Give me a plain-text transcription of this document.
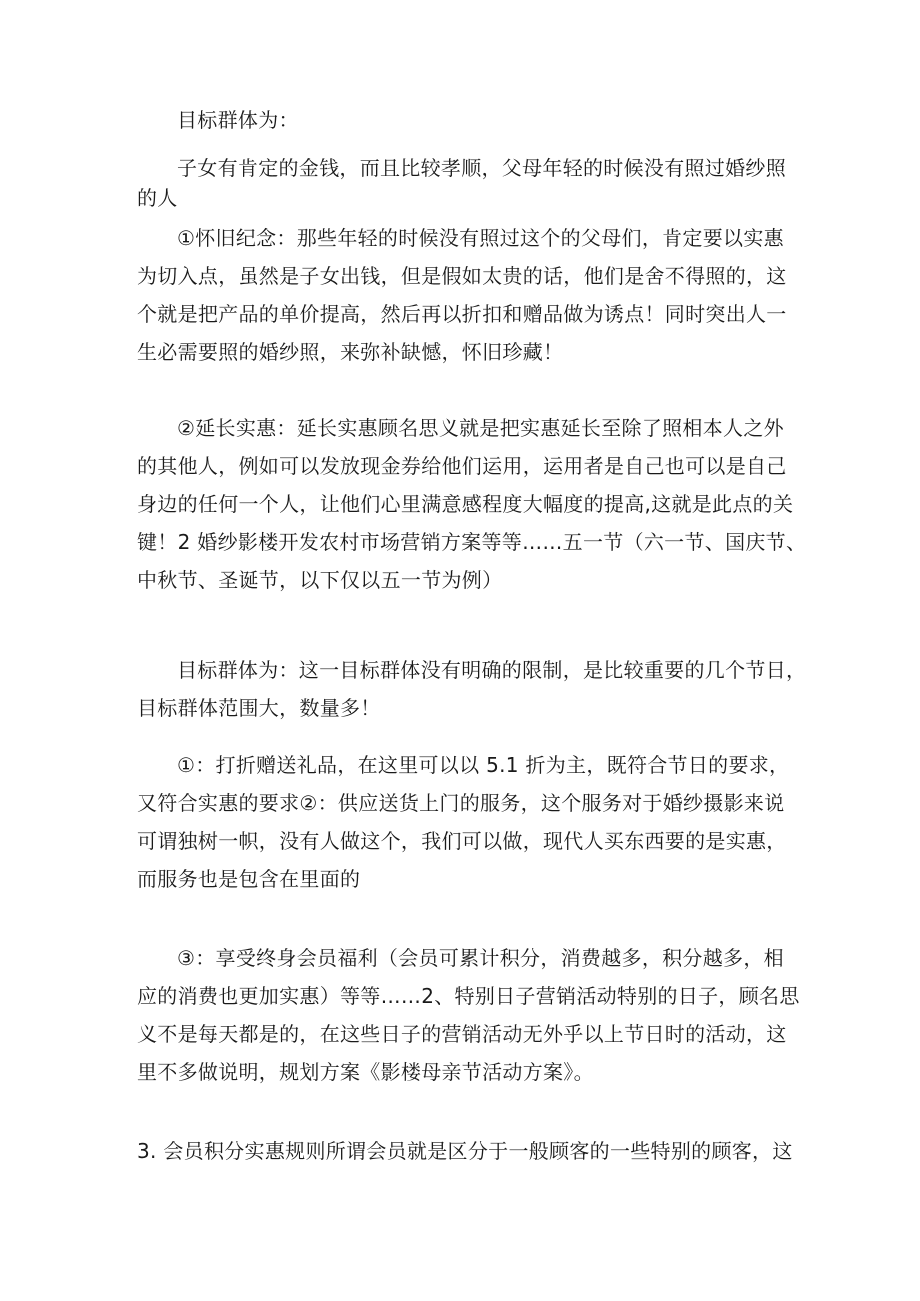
目标群体为：

子女有肯定的金钱，而且比较孝顺，父母年轻的时候没有照过婚纱照
的人

①怀旧纪念：那些年轻的时候没有照过这个的父母们，肯定要以实惠
为切入点，虽然是子女出钱，但是假如太贵的话，他们是舍不得照的，这
个就是把产品的单价提高，然后再以折扣和赠品做为诱点！同时突出人一
生必需要照的婚纱照，来弥补缺憾，怀旧珍藏！

②延长实惠：延长实惠顾名思义就是把实惠延长至除了照相本人之外
的其他人，例如可以发放现金券给他们运用，运用者是自己也可以是自己
身边的任何一个人，让他们心里满意感程度大幅度的提高,这就是此点的关
键！2 婚纱影楼开发农村市场营销方案等等……五一节（六一节、国庆节、
中秋节、圣诞节，以下仅以五一节为例）

目标群体为：这一目标群体没有明确的限制，是比较重要的几个节日，
目标群体范围大，数量多！

①：打折赠送礼品，在这里可以以 5.1 折为主，既符合节日的要求，
又符合实惠的要求②：供应送货上门的服务，这个服务对于婚纱摄影来说
可谓独树一帜，没有人做这个，我们可以做，现代人买东西要的是实惠，
而服务也是包含在里面的

③：享受终身会员福利（会员可累计积分，消费越多，积分越多，相
应的消费也更加实惠）等等……2、特别日子营销活动特别的日子，顾名思
义不是每天都是的，在这些日子的营销活动无外乎以上节日时的活动，这
里不多做说明，规划方案《影楼母亲节活动方案》。

3. 会员积分实惠规则所谓会员就是区分于一般顾客的一些特别的顾客，这
